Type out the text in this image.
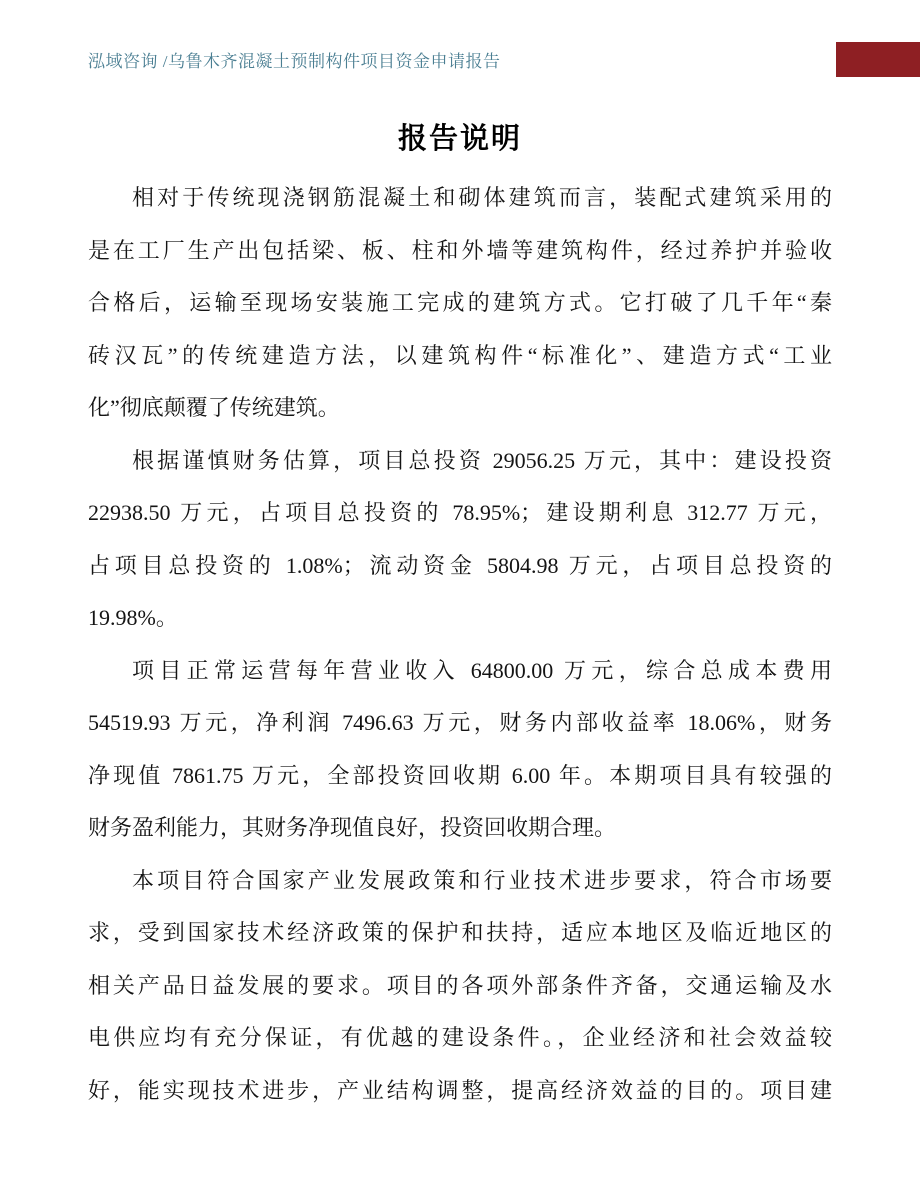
泓域咨询 /乌鲁木齐混凝土预制构件项目资金申请报告
报告说明
相对于传统现浇钢筋混凝土和砌体建筑而言，装配式建筑采用的
是在工厂生产出包括梁、板、柱和外墙等建筑构件，经过养护并验收
合格后，运输至现场安装施工完成的建筑方式。它打破了几千年“秦
砖汉瓦”的传统建造方法，以建筑构件“标准化”、建造方式“工业
化”彻底颠覆了传统建筑。
根据谨慎财务估算，项目总投资 29056.25 万元，其中：建设投资
22938.50 万元，占项目总投资的 78.95%；建设期利息 312.77 万元，
占项目总投资的 1.08%；流动资金 5804.98 万元，占项目总投资的
19.98%。
项目正常运营每年营业收入 64800.00 万元，综合总成本费用
54519.93 万元，净利润 7496.63 万元，财务内部收益率 18.06%，财务
净现值 7861.75 万元，全部投资回收期 6.00 年。本期项目具有较强的
财务盈利能力，其财务净现值良好，投资回收期合理。
本项目符合国家产业发展政策和行业技术进步要求，符合市场要
求，受到国家技术经济政策的保护和扶持，适应本地区及临近地区的
相关产品日益发展的要求。项目的各项外部条件齐备，交通运输及水
电供应均有充分保证，有优越的建设条件。，企业经济和社会效益较
好，能实现技术进步，产业结构调整，提高经济效益的目的。项目建
